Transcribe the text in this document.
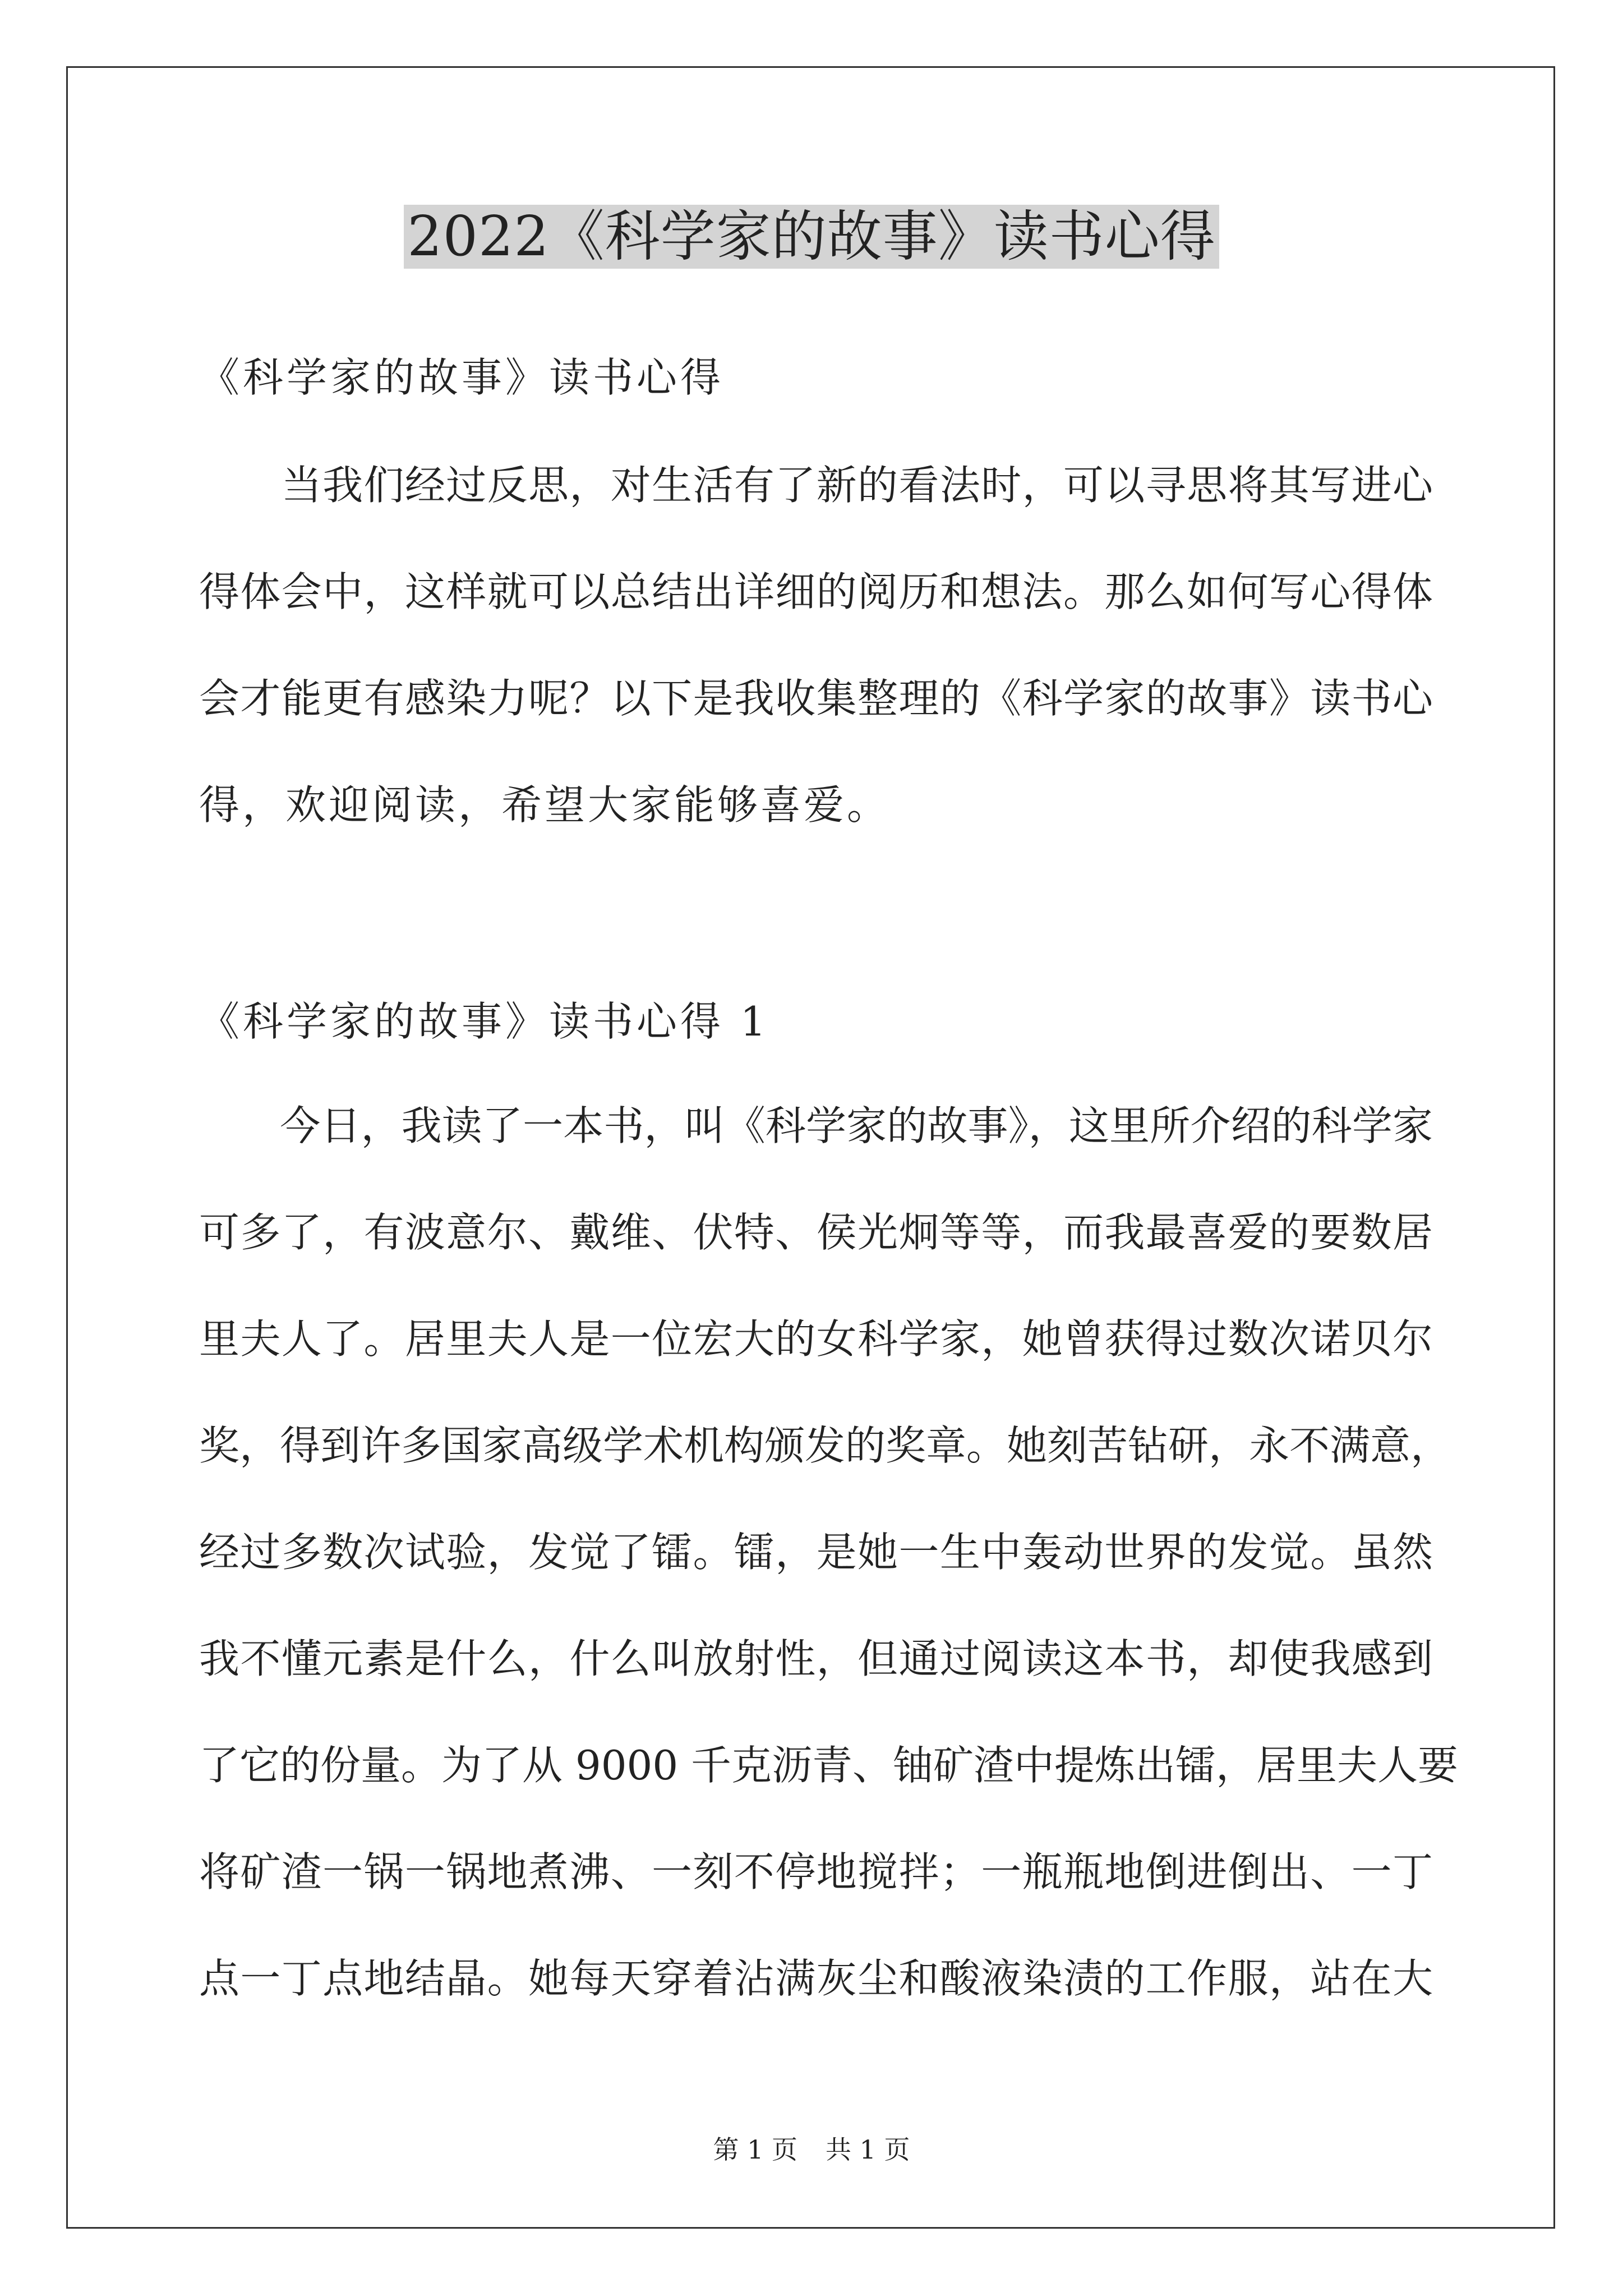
2022《科学家的故事》读书心得
《科学家的故事》读书心得
　　当我们经过反思，对生活有了新的看法时，可以寻思将其写进心
得体会中，这样就可以总结出详细的阅历和想法。那么如何写心得体
会才能更有感染力呢？以下是我收集整理的《科学家的故事》读书心
得，欢迎阅读，希望大家能够喜爱。
《科学家的故事》读书心得 1
　　今日，我读了一本书，叫《科学家的故事》，这里所介绍的科学家
可多了，有波意尔、戴维、伏特、侯光炯等等，而我最喜爱的要数居
里夫人了。居里夫人是一位宏大的女科学家，她曾获得过数次诺贝尔
奖，得到许多国家高级学术机构颁发的奖章。她刻苦钻研，永不满意，
经过多数次试验，发觉了镭。镭，是她一生中轰动世界的发觉。虽然
我不懂元素是什么，什么叫放射性，但通过阅读这本书，却使我感到
了它的份量。为了从 9000 千克沥青、铀矿渣中提炼出镭，居里夫人要
将矿渣一锅一锅地煮沸、一刻不停地搅拌；一瓶瓶地倒进倒出、一丁
点一丁点地结晶。她每天穿着沾满灰尘和酸液染渍的工作服，站在大
第 1 页 共 1 页
